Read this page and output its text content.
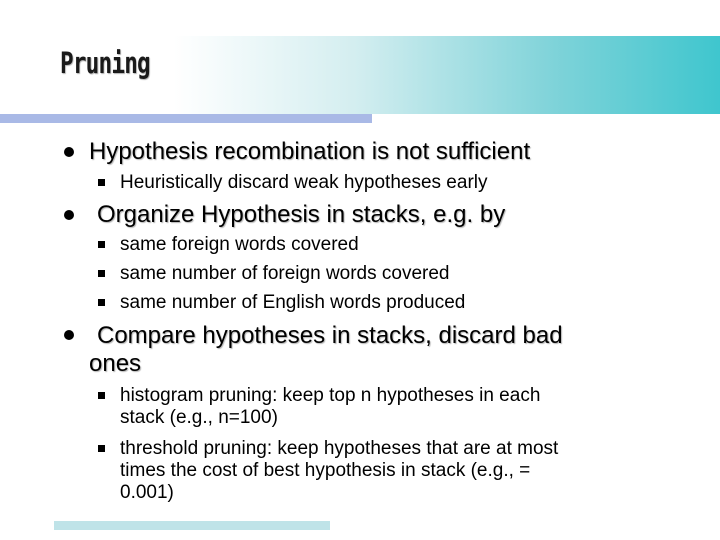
Pruning
Hypothesis recombination is not sufficient
Heuristically discard weak hypotheses early
Organize Hypothesis in stacks, e.g. by
same foreign words covered
same number of foreign words covered
same number of English words produced
Compare hypotheses in stacks, discard bad
ones
histogram pruning: keep top n hypotheses in each
stack (e.g., n=100)
threshold pruning: keep hypotheses that are at most
times the cost of best hypothesis in stack (e.g., =
0.001)
